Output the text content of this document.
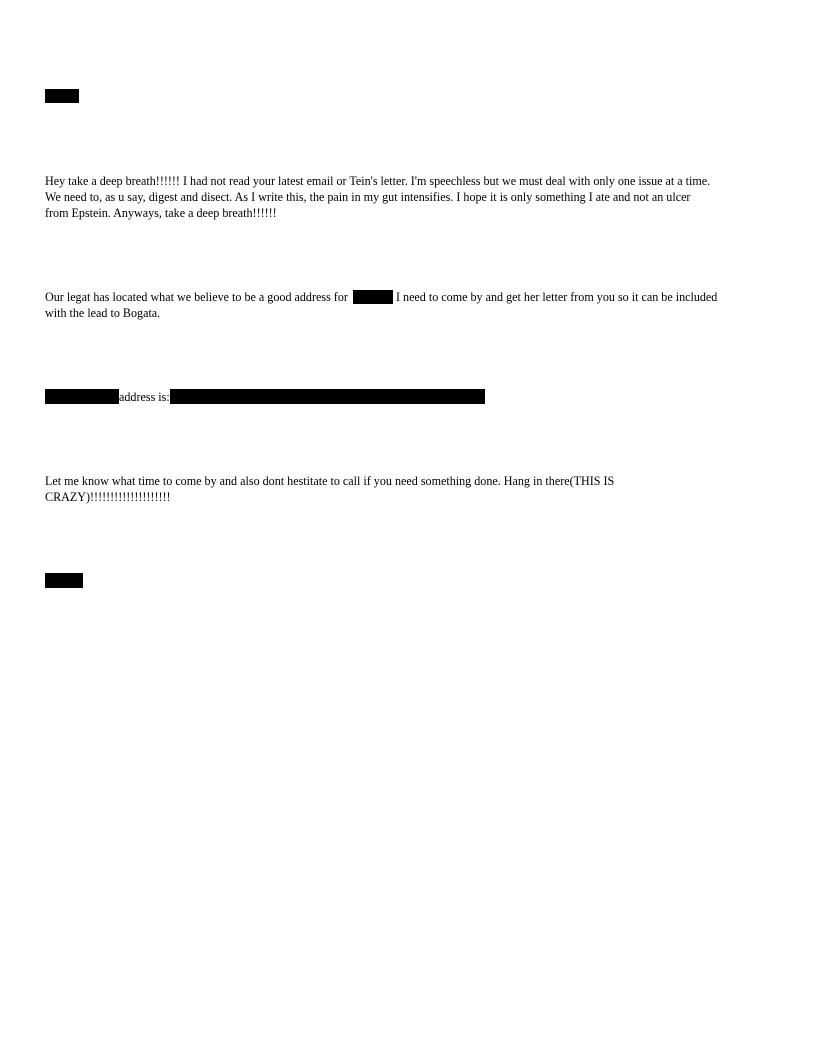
Hey take a deep breath!!!!!! I had not read your latest email or Tein's letter. I'm speechless but we must deal with only one issue at a time.
We need to, as u say, digest and disect. As I write this, the pain in my gut intensifies. I hope it is only something I ate and not an ulcer
from Epstein. Anyways, take a deep breath!!!!!!
Our legat has located what we believe to be a good address for	I need to come by and get her letter from you so it can be included
with the lead to Bogata.
address is:
Let me know what time to come by and also dont hestitate to call if you need something done. Hang in there(THIS IS
CRAZY)!!!!!!!!!!!!!!!!!!!!
